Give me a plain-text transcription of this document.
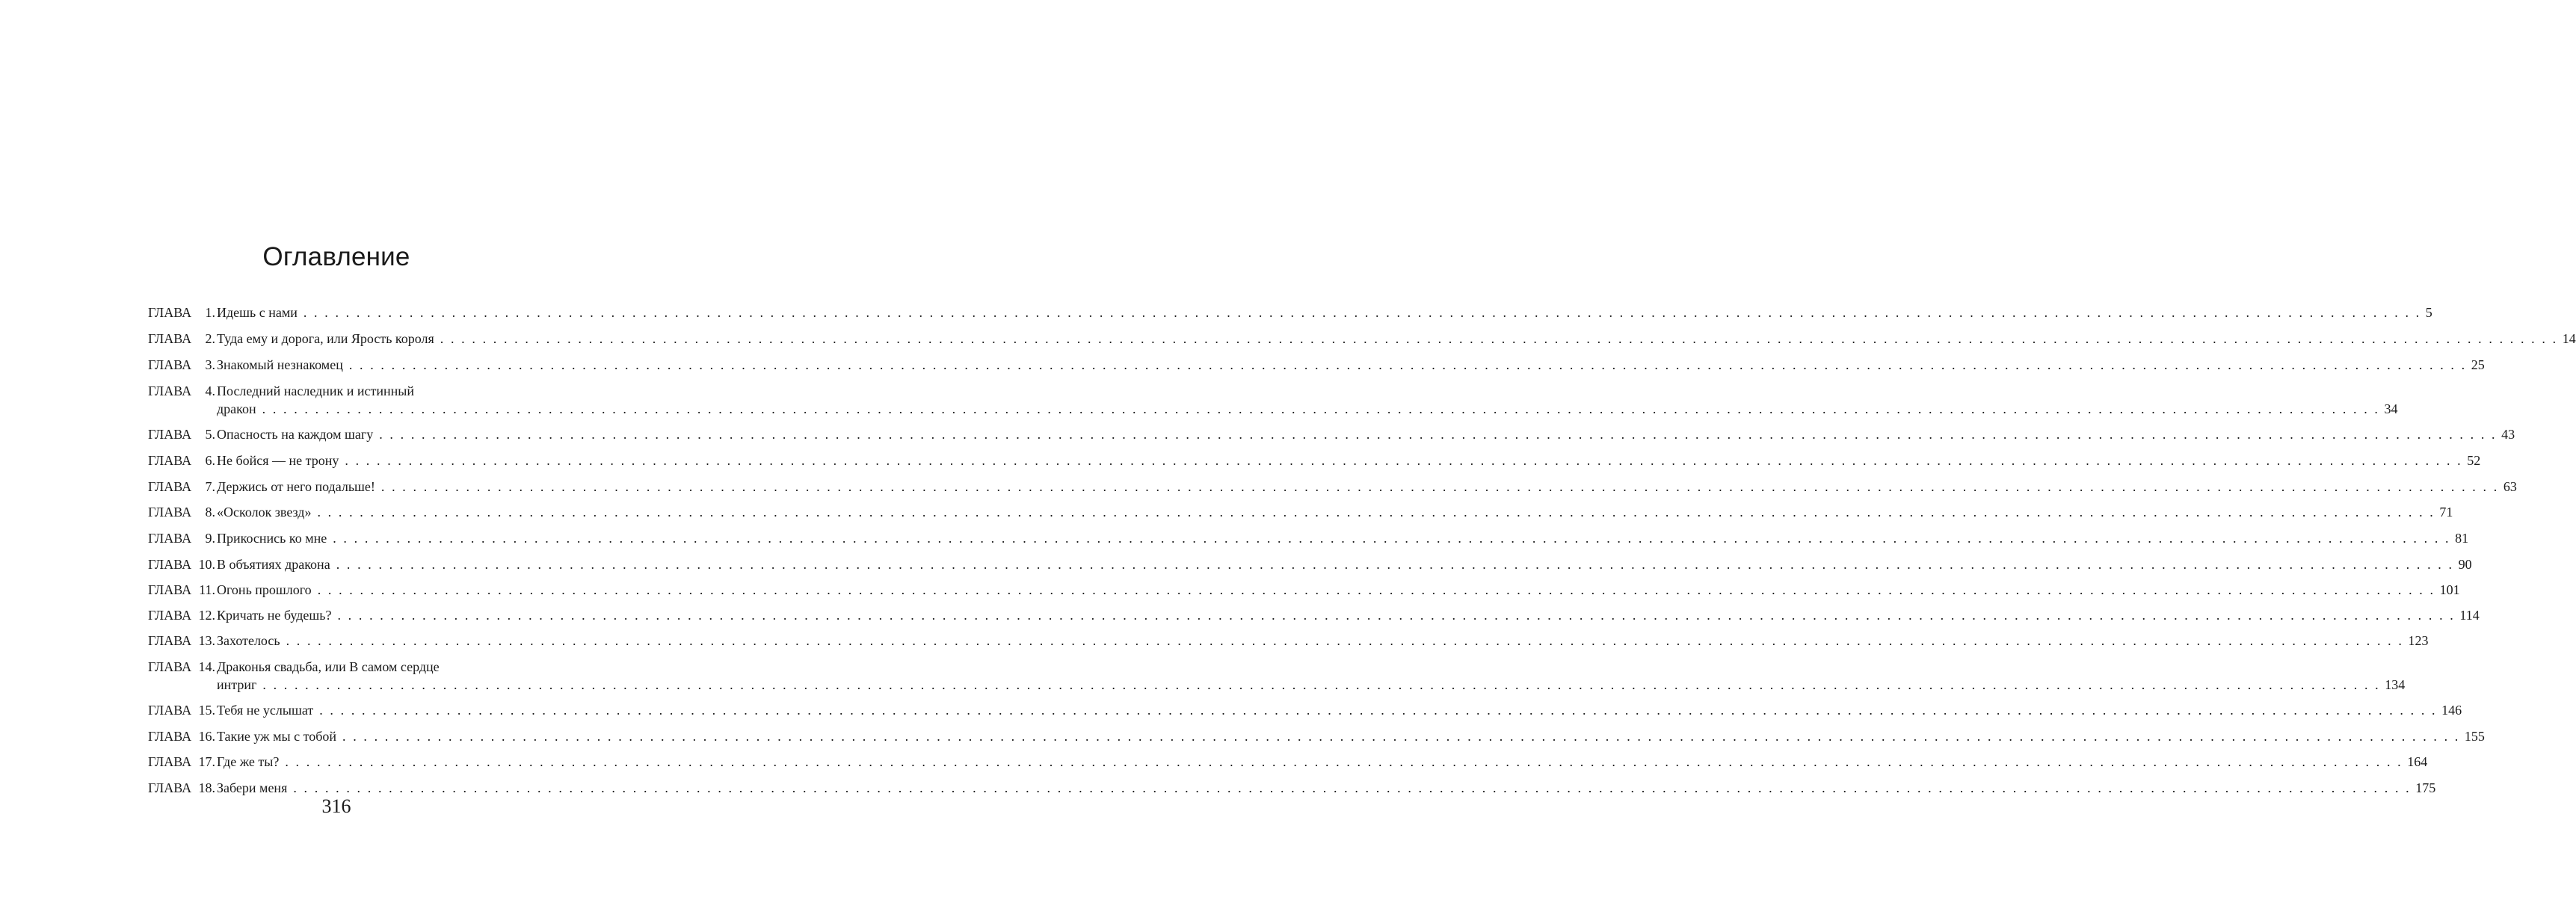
Оглавление
ГЛАВА 1. Идешь с нами . . . . . . . . . . . . . . . . . . . . . . . . . . . . . . . . . . . . . . . . . . . . . . . . . . . . . . . . . . . . . . . . . . . . . . . . . . . . . . . . . . . . . . . . . . . . . . . . . . . . . . . . . . . . . . . . . . . . . . . . . . . . . . . . . . . . . . . . . . . . . . . . . . . . . . . . . . . . . . . . . . . . . . . . . . . . . . . . . . . . . . . . . . . . . . . . . . . . . . . . 5
ГЛАВА 2. Туда ему и дорога, или Ярость короля . . . . . . . . . . . . . . . . . . . . . . . . . . . . . . . . . . . . . . . . . . . . . . . . . . . . . . . . . . . . . . . . . . . . . . . . . . . . . . . . . . . . . . . . . . . . . . . . . . . . . . . . . . . . . . . . . . . . . . . . . . . . . . . . . . . . . . . . . . . . . . . . . . . . . . . . . . . . . . . . . . . . . . . . . . . . . . . . . . . . . . . . . . . . . . . . . . . . . . . . 14
ГЛАВА 3. Знакомый незнакомец . . . . . . . . . . . . . . . . . . . . . . . . . . . . . . . . . . . . . . . . . . . . . . . . . . . . . . . . . . . . . . . . . . . . . . . . . . . . . . . . . . . . . . . . . . . . . . . . . . . . . . . . . . . . . . . . . . . . . . . . . . . . . . . . . . . . . . . . . . . . . . . . . . . . . . . . . . . . . . . . . . . . . . . . . . . . . . . . . . . . . . . . . . . . . . . . . . . . . . . . 25
ГЛАВА 4. Последний наследник и истинный
дракон . . . . . . . . . . . . . . . . . . . . . . . . . . . . . . . . . . . . . . . . . . . . . . . . . . . . . . . . . . . . . . . . . . . . . . . . . . . . . . . . . . . . . . . . . . . . . . . . . . . . . . . . . . . . . . . . . . . . . . . . . . . . . . . . . . . . . . . . . . . . . . . . . . . . . . . . . . . . . . . . . . . . . . . . . . . . . . . . . . . . . . . . . . . . . . . . . . . . . . . . 34
ГЛАВА 5. Опасность на каждом шагу . . . . . . . . . . . . . . . . . . . . . . . . . . . . . . . . . . . . . . . . . . . . . . . . . . . . . . . . . . . . . . . . . . . . . . . . . . . . . . . . . . . . . . . . . . . . . . . . . . . . . . . . . . . . . . . . . . . . . . . . . . . . . . . . . . . . . . . . . . . . . . . . . . . . . . . . . . . . . . . . . . . . . . . . . . . . . . . . . . . . . . . . . . . . . . . . . . . . . . . . 43
ГЛАВА 6. Не бойся — не трону . . . . . . . . . . . . . . . . . . . . . . . . . . . . . . . . . . . . . . . . . . . . . . . . . . . . . . . . . . . . . . . . . . . . . . . . . . . . . . . . . . . . . . . . . . . . . . . . . . . . . . . . . . . . . . . . . . . . . . . . . . . . . . . . . . . . . . . . . . . . . . . . . . . . . . . . . . . . . . . . . . . . . . . . . . . . . . . . . . . . . . . . . . . . . . . . . . . . . . . . 52
ГЛАВА 7. Держись от него подальше! . . . . . . . . . . . . . . . . . . . . . . . . . . . . . . . . . . . . . . . . . . . . . . . . . . . . . . . . . . . . . . . . . . . . . . . . . . . . . . . . . . . . . . . . . . . . . . . . . . . . . . . . . . . . . . . . . . . . . . . . . . . . . . . . . . . . . . . . . . . . . . . . . . . . . . . . . . . . . . . . . . . . . . . . . . . . . . . . . . . . . . . . . . . . . . . . . . . . . . . . 63
ГЛАВА 8. «Осколок звезд» . . . . . . . . . . . . . . . . . . . . . . . . . . . . . . . . . . . . . . . . . . . . . . . . . . . . . . . . . . . . . . . . . . . . . . . . . . . . . . . . . . . . . . . . . . . . . . . . . . . . . . . . . . . . . . . . . . . . . . . . . . . . . . . . . . . . . . . . . . . . . . . . . . . . . . . . . . . . . . . . . . . . . . . . . . . . . . . . . . . . . . . . . . . . . . . . . . . . . . . . 71
ГЛАВА 9. Прикоснись ко мне . . . . . . . . . . . . . . . . . . . . . . . . . . . . . . . . . . . . . . . . . . . . . . . . . . . . . . . . . . . . . . . . . . . . . . . . . . . . . . . . . . . . . . . . . . . . . . . . . . . . . . . . . . . . . . . . . . . . . . . . . . . . . . . . . . . . . . . . . . . . . . . . . . . . . . . . . . . . . . . . . . . . . . . . . . . . . . . . . . . . . . . . . . . . . . . . . . . . . . . . 81
ГЛАВА 10. В объятиях дракона . . . . . . . . . . . . . . . . . . . . . . . . . . . . . . . . . . . . . . . . . . . . . . . . . . . . . . . . . . . . . . . . . . . . . . . . . . . . . . . . . . . . . . . . . . . . . . . . . . . . . . . . . . . . . . . . . . . . . . . . . . . . . . . . . . . . . . . . . . . . . . . . . . . . . . . . . . . . . . . . . . . . . . . . . . . . . . . . . . . . . . . . . . . . . . . . . . . . . . . . 90
ГЛАВА 11. Огонь прошлого . . . . . . . . . . . . . . . . . . . . . . . . . . . . . . . . . . . . . . . . . . . . . . . . . . . . . . . . . . . . . . . . . . . . . . . . . . . . . . . . . . . . . . . . . . . . . . . . . . . . . . . . . . . . . . . . . . . . . . . . . . . . . . . . . . . . . . . . . . . . . . . . . . . . . . . . . . . . . . . . . . . . . . . . . . . . . . . . . . . . . . . . . . . . . . . . . . . . . . . . 101
ГЛАВА 12. Кричать не будешь? . . . . . . . . . . . . . . . . . . . . . . . . . . . . . . . . . . . . . . . . . . . . . . . . . . . . . . . . . . . . . . . . . . . . . . . . . . . . . . . . . . . . . . . . . . . . . . . . . . . . . . . . . . . . . . . . . . . . . . . . . . . . . . . . . . . . . . . . . . . . . . . . . . . . . . . . . . . . . . . . . . . . . . . . . . . . . . . . . . . . . . . . . . . . . . . . . . . . . . . . 114
ГЛАВА 13. Захотелось . . . . . . . . . . . . . . . . . . . . . . . . . . . . . . . . . . . . . . . . . . . . . . . . . . . . . . . . . . . . . . . . . . . . . . . . . . . . . . . . . . . . . . . . . . . . . . . . . . . . . . . . . . . . . . . . . . . . . . . . . . . . . . . . . . . . . . . . . . . . . . . . . . . . . . . . . . . . . . . . . . . . . . . . . . . . . . . . . . . . . . . . . . . . . . . . . . . . . . . . 123
ГЛАВА 14. Драконья свадьба, или В самом сердце
интриг . . . . . . . . . . . . . . . . . . . . . . . . . . . . . . . . . . . . . . . . . . . . . . . . . . . . . . . . . . . . . . . . . . . . . . . . . . . . . . . . . . . . . . . . . . . . . . . . . . . . . . . . . . . . . . . . . . . . . . . . . . . . . . . . . . . . . . . . . . . . . . . . . . . . . . . . . . . . . . . . . . . . . . . . . . . . . . . . . . . . . . . . . . . . . . . . . . . . . . . . 134
ГЛАВА 15. Тебя не услышат . . . . . . . . . . . . . . . . . . . . . . . . . . . . . . . . . . . . . . . . . . . . . . . . . . . . . . . . . . . . . . . . . . . . . . . . . . . . . . . . . . . . . . . . . . . . . . . . . . . . . . . . . . . . . . . . . . . . . . . . . . . . . . . . . . . . . . . . . . . . . . . . . . . . . . . . . . . . . . . . . . . . . . . . . . . . . . . . . . . . . . . . . . . . . . . . . . . . . . . . 146
ГЛАВА 16. Такие уж мы с тобой . . . . . . . . . . . . . . . . . . . . . . . . . . . . . . . . . . . . . . . . . . . . . . . . . . . . . . . . . . . . . . . . . . . . . . . . . . . . . . . . . . . . . . . . . . . . . . . . . . . . . . . . . . . . . . . . . . . . . . . . . . . . . . . . . . . . . . . . . . . . . . . . . . . . . . . . . . . . . . . . . . . . . . . . . . . . . . . . . . . . . . . . . . . . . . . . . . . . . . . . 155
ГЛАВА 17. Где же ты? . . . . . . . . . . . . . . . . . . . . . . . . . . . . . . . . . . . . . . . . . . . . . . . . . . . . . . . . . . . . . . . . . . . . . . . . . . . . . . . . . . . . . . . . . . . . . . . . . . . . . . . . . . . . . . . . . . . . . . . . . . . . . . . . . . . . . . . . . . . . . . . . . . . . . . . . . . . . . . . . . . . . . . . . . . . . . . . . . . . . . . . . . . . . . . . . . . . . . . . . 164
ГЛАВА 18. Забери меня . . . . . . . . . . . . . . . . . . . . . . . . . . . . . . . . . . . . . . . . . . . . . . . . . . . . . . . . . . . . . . . . . . . . . . . . . . . . . . . . . . . . . . . . . . . . . . . . . . . . . . . . . . . . . . . . . . . . . . . . . . . . . . . . . . . . . . . . . . . . . . . . . . . . . . . . . . . . . . . . . . . . . . . . . . . . . . . . . . . . . . . . . . . . . . . . . . . . . . . . 175
316
